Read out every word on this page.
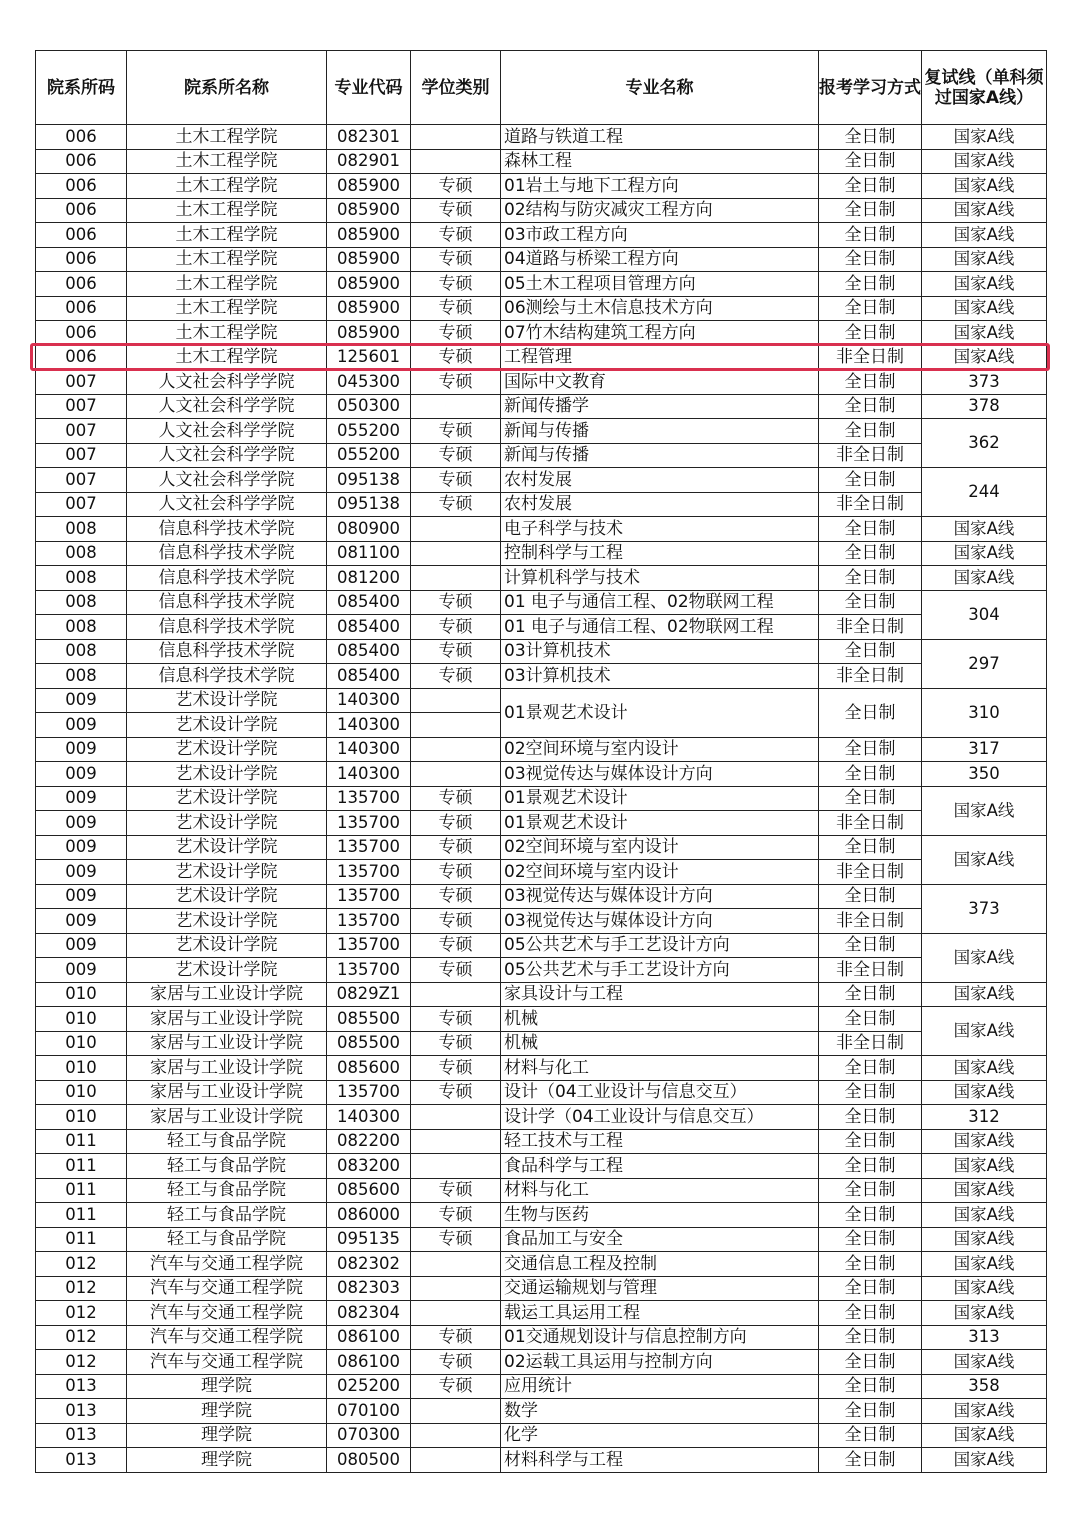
院系所码	院系所名称	专业代码	学位类别	专业名称	报考学习方式	复试线（单科须过国家A线）
006	土木工程学院	082301		道路与铁道工程	全日制	国家A线
006	土木工程学院	082901		森林工程	全日制	国家A线
006	土木工程学院	085900	专硕	01岩土与地下工程方向	全日制	国家A线
006	土木工程学院	085900	专硕	02结构与防灾减灾工程方向	全日制	国家A线
006	土木工程学院	085900	专硕	03市政工程方向	全日制	国家A线
006	土木工程学院	085900	专硕	04道路与桥梁工程方向	全日制	国家A线
006	土木工程学院	085900	专硕	05土木工程项目管理方向	全日制	国家A线
006	土木工程学院	085900	专硕	06测绘与土木信息技术方向	全日制	国家A线
006	土木工程学院	085900	专硕	07竹木结构建筑工程方向	全日制	国家A线
006	土木工程学院	125601	专硕	工程管理	非全日制	国家A线
007	人文社会科学学院	045300	专硕	国际中文教育	全日制	373
007	人文社会科学学院	050300		新闻传播学	全日制	378
007	人文社会科学学院	055200	专硕	新闻与传播	全日制	362
007	人文社会科学学院	055200	专硕	新闻与传播	非全日制	
007	人文社会科学学院	095138	专硕	农村发展	全日制	244
007	人文社会科学学院	095138	专硕	农村发展	非全日制	
008	信息科学技术学院	080900		电子科学与技术	全日制	国家A线
008	信息科学技术学院	081100		控制科学与工程	全日制	国家A线
008	信息科学技术学院	081200		计算机科学与技术	全日制	国家A线
008	信息科学技术学院	085400	专硕	01 电子与通信工程、02物联网工程	全日制	304
008	信息科学技术学院	085400	专硕	01 电子与通信工程、02物联网工程	非全日制	
008	信息科学技术学院	085400	专硕	03计算机技术	全日制	297
008	信息科学技术学院	085400	专硕	03计算机技术	非全日制	
009	艺术设计学院	140300		01景观艺术设计	全日制	310
009	艺术设计学院	140300				
009	艺术设计学院	140300		02空间环境与室内设计	全日制	317
009	艺术设计学院	140300		03视觉传达与媒体设计方向	全日制	350
009	艺术设计学院	135700	专硕	01景观艺术设计	全日制	国家A线
009	艺术设计学院	135700	专硕	01景观艺术设计	非全日制	
009	艺术设计学院	135700	专硕	02空间环境与室内设计	全日制	国家A线
009	艺术设计学院	135700	专硕	02空间环境与室内设计	非全日制	
009	艺术设计学院	135700	专硕	03视觉传达与媒体设计方向	全日制	373
009	艺术设计学院	135700	专硕	03视觉传达与媒体设计方向	非全日制	
009	艺术设计学院	135700	专硕	05公共艺术与手工艺设计方向	全日制	国家A线
009	艺术设计学院	135700	专硕	05公共艺术与手工艺设计方向	非全日制	
010	家居与工业设计学院	0829Z1		家具设计与工程	全日制	国家A线
010	家居与工业设计学院	085500	专硕	机械	全日制	国家A线
010	家居与工业设计学院	085500	专硕	机械	非全日制	
010	家居与工业设计学院	085600	专硕	材料与化工	全日制	国家A线
010	家居与工业设计学院	135700	专硕	设计（04工业设计与信息交互）	全日制	国家A线
010	家居与工业设计学院	140300		设计学（04工业设计与信息交互）	全日制	312
011	轻工与食品学院	082200		轻工技术与工程	全日制	国家A线
011	轻工与食品学院	083200		食品科学与工程	全日制	国家A线
011	轻工与食品学院	085600	专硕	材料与化工	全日制	国家A线
011	轻工与食品学院	086000	专硕	生物与医药	全日制	国家A线
011	轻工与食品学院	095135	专硕	食品加工与安全	全日制	国家A线
012	汽车与交通工程学院	082302		交通信息工程及控制	全日制	国家A线
012	汽车与交通工程学院	082303		交通运输规划与管理	全日制	国家A线
012	汽车与交通工程学院	082304		载运工具运用工程	全日制	国家A线
012	汽车与交通工程学院	086100	专硕	01交通规划设计与信息控制方向	全日制	313
012	汽车与交通工程学院	086100	专硕	02运载工具运用与控制方向	全日制	国家A线
013	理学院	025200	专硕	应用统计	全日制	358
013	理学院	070100		数学	全日制	国家A线
013	理学院	070300		化学	全日制	国家A线
013	理学院	080500		材料科学与工程	全日制	国家A线
